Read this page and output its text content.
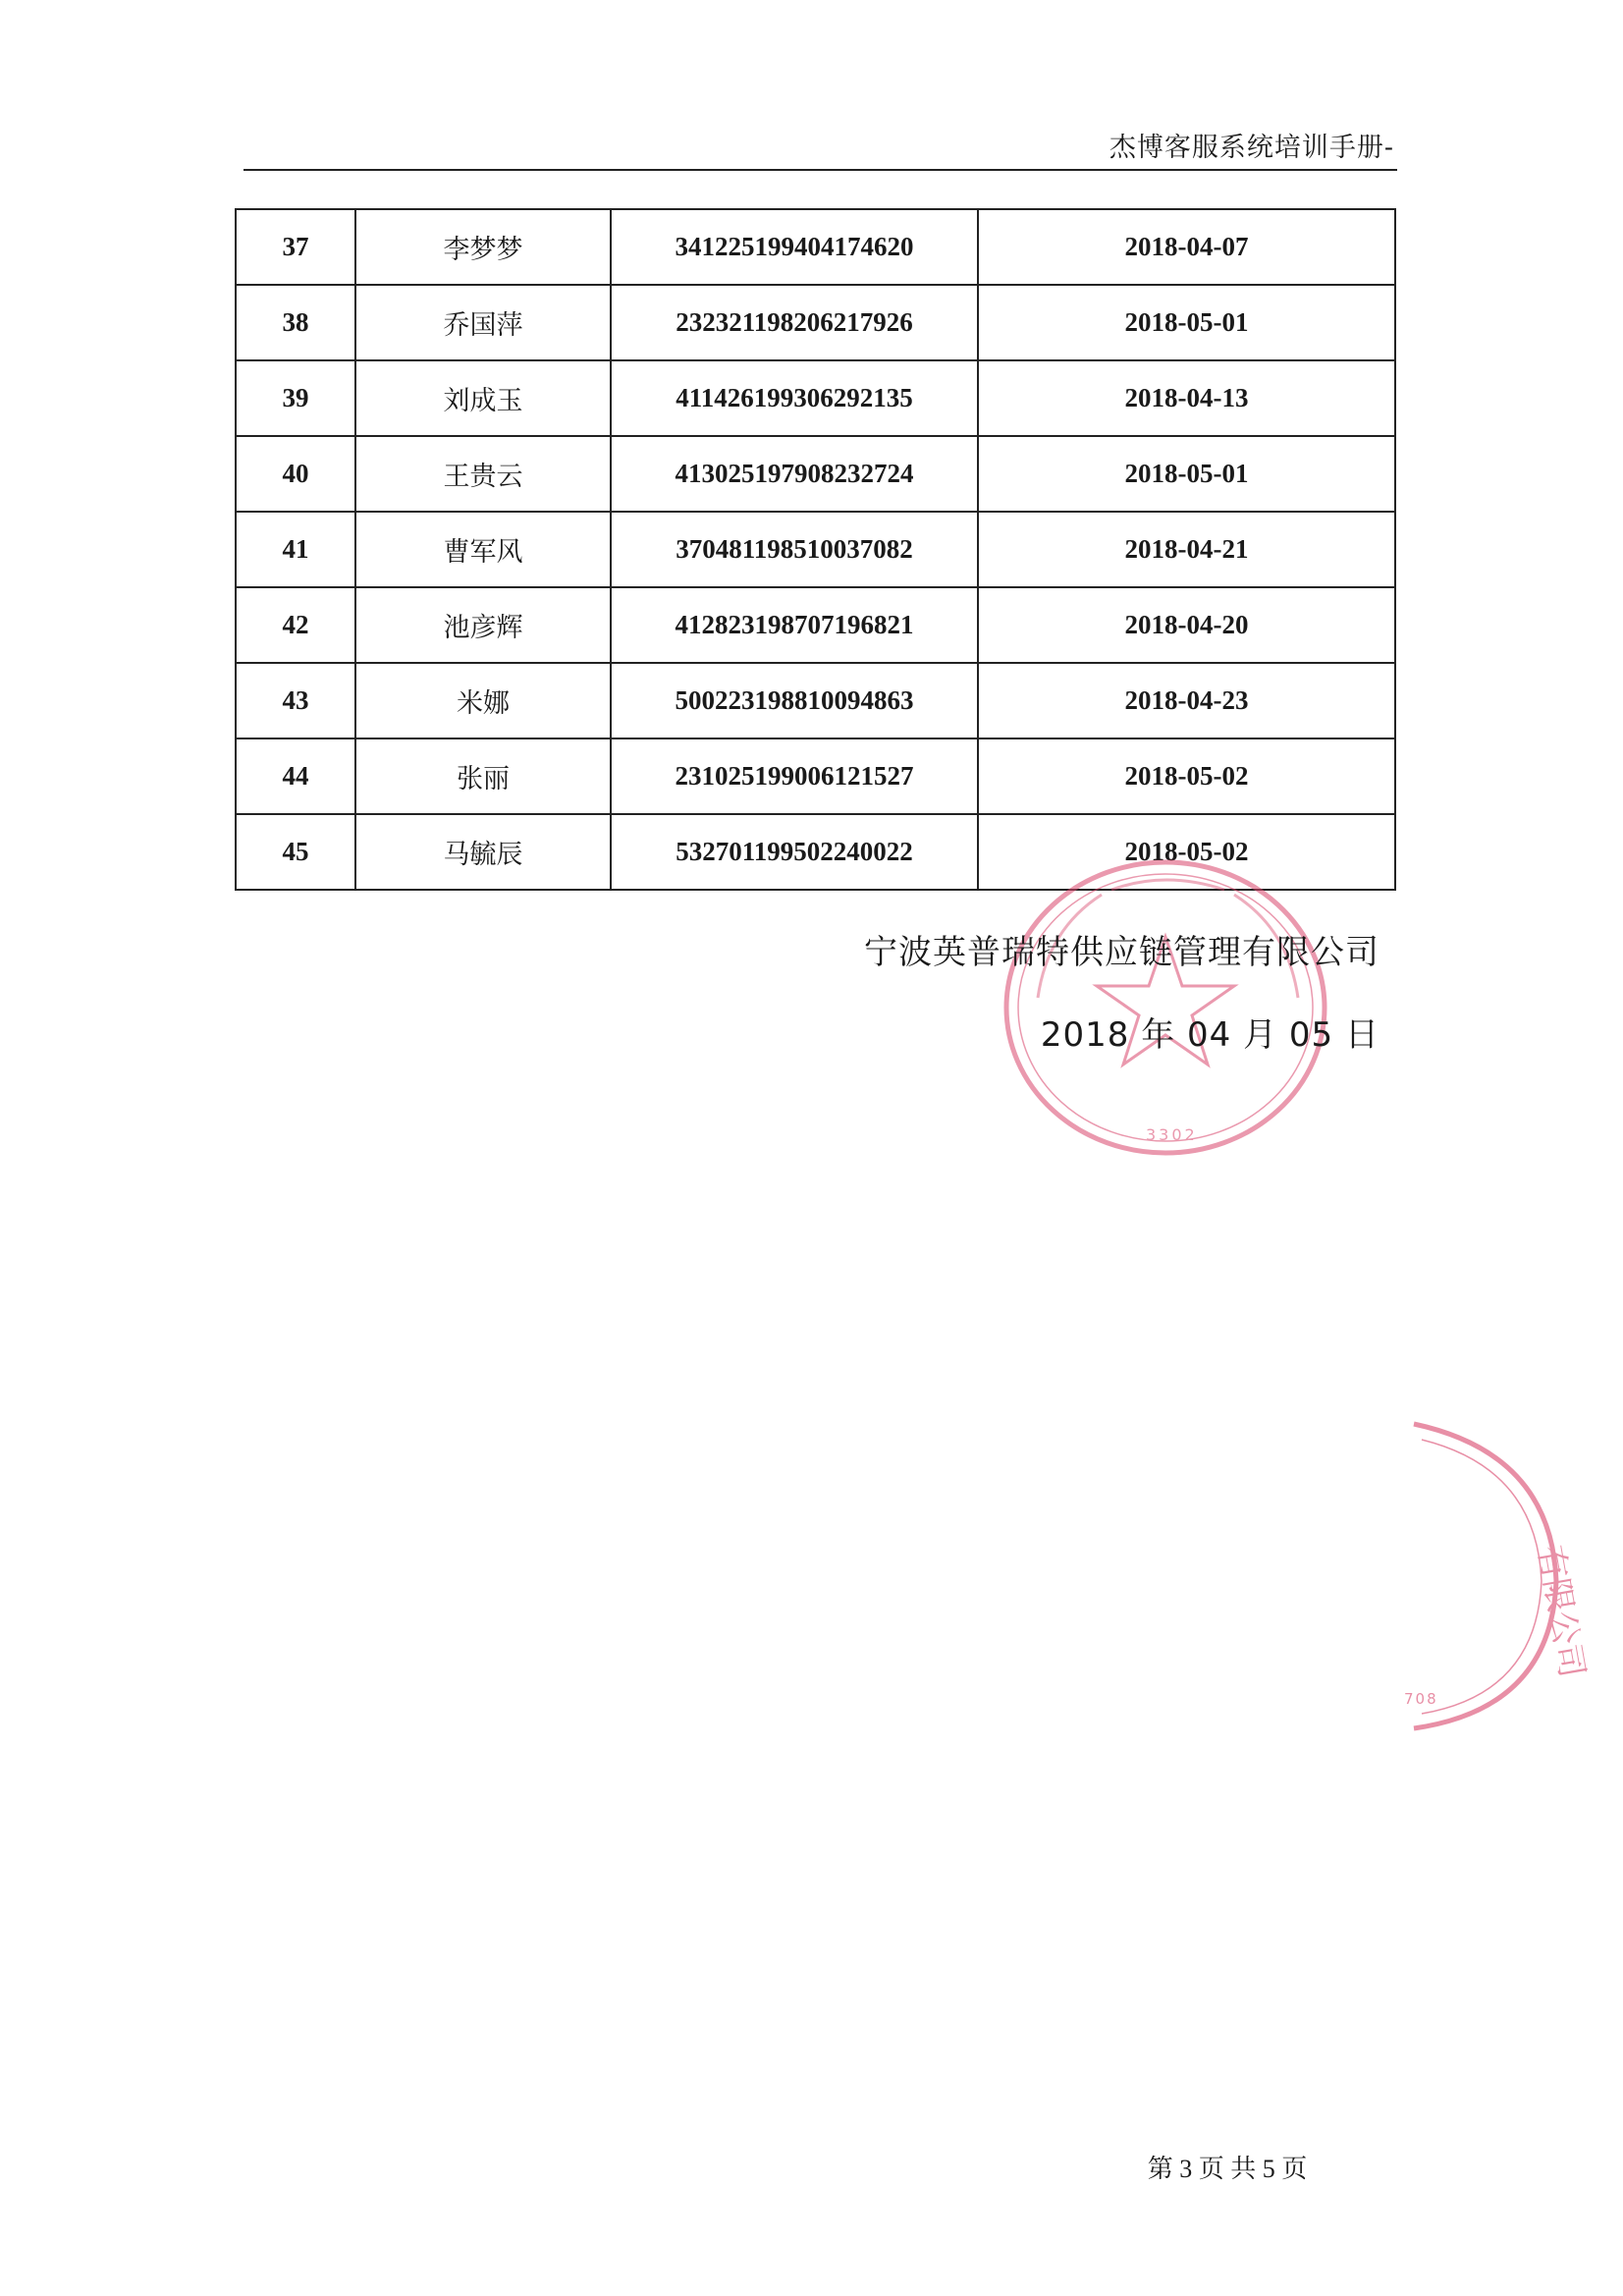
杰博客服系统培训手册-
37	李梦梦	341225199404174620	2018-04-07
38	乔国萍	232321198206217926	2018-05-01
39	刘成玉	411426199306292135	2018-04-13
40	王贵云	413025197908232724	2018-05-01
41	曹军风	370481198510037082	2018-04-21
42	池彦辉	412823198707196821	2018-04-20
43	米娜	500223198810094863	2018-04-23
44	张丽	231025199006121527	2018-05-02
45	马毓辰	532701199502240022	2018-05-02
3302
有限公司
708
宁波英普瑞特供应链管理有限公司
2018 年 04 月 05 日
第 3 页 共 5 页
